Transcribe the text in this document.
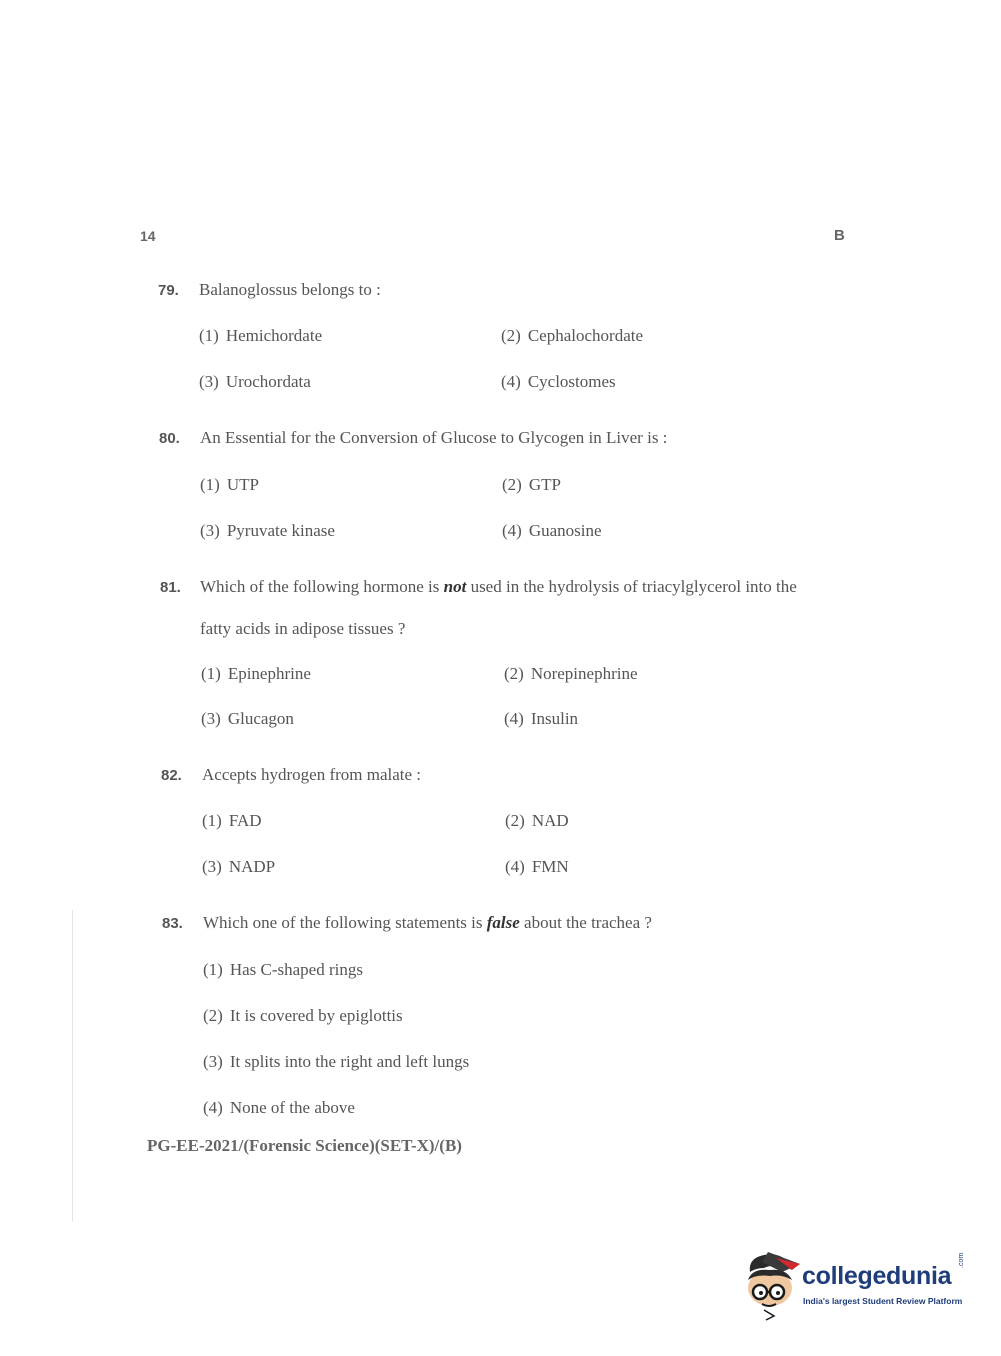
14	B
79. Balanoglossus belongs to :
(1) Hemichordate	(2) Cephalochordate
(3) Urochordata	(4) Cyclostomes
80. An Essential for the Conversion of Glucose to Glycogen in Liver is :
(1) UTP	(2) GTP
(3) Pyruvate kinase	(4) Guanosine
81. Which of the following hormone is not used in the hydrolysis of triacylglycerol into the
fatty acids in adipose tissues ?
(1) Epinephrine	(2) Norepinephrine
(3) Glucagon	(4) Insulin
82. Accepts hydrogen from malate :
(1) FAD	(2) NAD
(3) NADP	(4) FMN
83. Which one of the following statements is false about the trachea ?
(1) Has C-shaped rings
(2) It is covered by epiglottis
(3) It splits into the right and left lungs
(4) None of the above
PG-EE-2021/(Forensic Science)(SET-X)/(B)
collegedunia
.com
India's largest Student Review Platform
